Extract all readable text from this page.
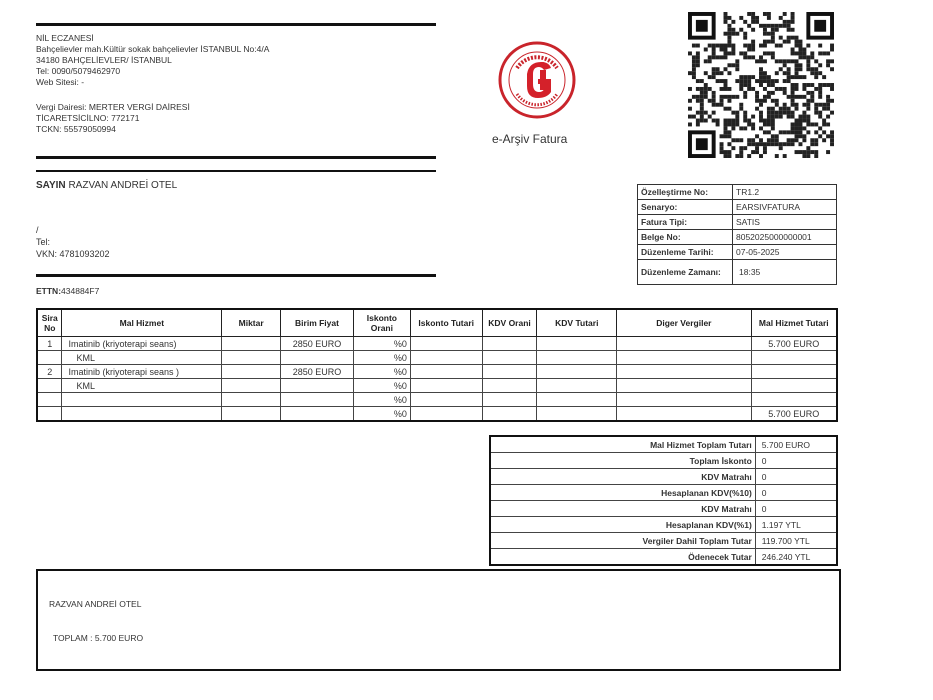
NİL ECZANESİ
Bahçelievler mah.Kültür sokak bahçelievler İSTANBUL No:4/A
34180 BAHÇELİEVLER/ İSTANBUL
Tel: 0090/5079462970
Web Sitesi: -
Vergi Dairesi: MERTER VERGİ DAİRESİ
TİCARETSİCİLNO: 772171
TCKN: 55579050994
e-Arşiv Fatura
SAYIN RAZVAN ANDREİ OTEL
/
Tel:
VKN: 4781093202
ETTN:434884F7
Özelleştirme No:	TR1.2
Senaryo:	EARSIVFATURA
Fatura Tipi:	SATIS
Belge No:	8052025000000001
Düzenleme Tarihi:	07-05-2025
Düzenleme Zamanı:	18:35
Sira No	Mal Hizmet	Miktar	Birim Fiyat	Iskonto Orani	Iskonto Tutari	KDV Orani	KDV Tutari	Diger Vergiler	Mal Hizmet Tutari
1	Imatinib (kriyoterapi seans)		2850 EURO	%0					5.700 EURO
	KML			%0					
2	Imatinib (kriyoterapi seans )		2850 EURO	%0					
	KML			%0					
				%0					
				%0					5.700 EURO
Mal Hizmet Toplam Tutarı	5.700 EURO
Toplam İskonto	0
KDV Matrahı	0
Hesaplanan KDV(%10)	0
KDV Matrahı	0
Hesaplanan KDV(%1)	1.197 YTL
Vergiler Dahil Toplam Tutar	119.700 YTL
Ödenecek Tutar	246.240 YTL
RAZVAN ANDREİ OTEL
TOPLAM : 5.700 EURO
